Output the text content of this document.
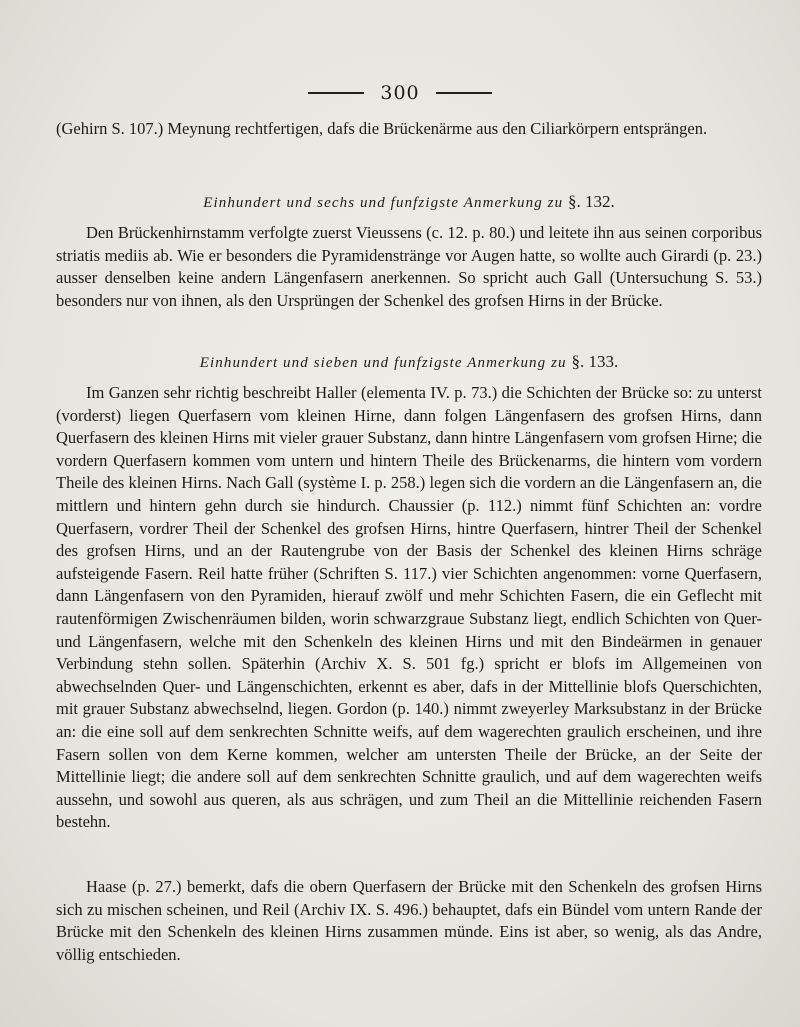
300

(Gehirn S. 107.) Meynung rechtfertigen, dafs die Brückenärme aus den Ciliarkörpern entsprängen.

Einhundert und sechs und funfzigste Anmerkung zu §. 132.

Den Brückenhirnstamm verfolgte zuerst Vieussens (c. 12. p. 80.) und leitete ihn aus seinen corporibus striatis mediis ab. Wie er besonders die Pyramidenstränge vor Augen hatte, so wollte auch Girardi (p. 23.) ausser denselben keine andern Längenfasern anerkennen. So spricht auch Gall (Untersuchung S. 53.) besonders nur von ihnen, als den Ursprüngen der Schenkel des grofsen Hirns in der Brücke.

Einhundert und sieben und funfzigste Anmerkung zu §. 133.

Im Ganzen sehr richtig beschreibt Haller (elementa IV. p. 73.) die Schichten der Brücke so: zu unterst (vorderst) liegen Querfasern vom kleinen Hirne, dann folgen Längenfasern des grofsen Hirns, dann Querfasern des kleinen Hirns mit vieler grauer Substanz, dann hintre Längenfasern vom grofsen Hirne; die vordern Querfasern kommen vom untern und hintern Theile des Brückenarms, die hintern vom vordern Theile des kleinen Hirns. Nach Gall (système I. p. 258.) legen sich die vordern an die Längenfasern an, die mittlern und hintern gehn durch sie hindurch. Chaussier (p. 112.) nimmt fünf Schichten an: vordre Querfasern, vordrer Theil der Schenkel des grofsen Hirns, hintre Querfasern, hintrer Theil der Schenkel des grofsen Hirns, und an der Rautengrube von der Basis der Schenkel des kleinen Hirns schräge aufsteigende Fasern. Reil hatte früher (Schriften S. 117.) vier Schichten angenommen: vorne Querfasern, dann Längenfasern von den Pyramiden, hierauf zwölf und mehr Schichten Fasern, die ein Geflecht mit rautenförmigen Zwischenräumen bilden, worin schwarzgraue Substanz liegt, endlich Schichten von Quer- und Längenfasern, welche mit den Schenkeln des kleinen Hirns und mit den Bindeärmen in genauer Verbindung stehn sollen. Späterhin (Archiv X. S. 501 fg.) spricht er blofs im Allgemeinen von abwechselnden Quer- und Längenschichten, erkennt es aber, dafs in der Mittellinie blofs Querschichten, mit grauer Substanz abwechselnd, liegen. Gordon (p. 140.) nimmt zweyerley Marksubstanz in der Brücke an: die eine soll auf dem senkrechten Schnitte weifs, auf dem wagerechten graulich erscheinen, und ihre Fasern sollen von dem Kerne kommen, welcher am untersten Theile der Brücke, an der Seite der Mittellinie liegt; die andere soll auf dem senkrechten Schnitte graulich, und auf dem wagerechten weifs aussehn, und sowohl aus queren, als aus schrägen, und zum Theil an die Mittellinie reichenden Fasern bestehn.

Haase (p. 27.) bemerkt, dafs die obern Querfasern der Brücke mit den Schenkeln des grofsen Hirns sich zu mischen scheinen, und Reil (Archiv IX. S. 496.) behauptet, dafs ein Bündel vom untern Rande der Brücke mit den Schenkeln des kleinen Hirns zusammen münde. Eins ist aber, so wenig, als das Andre, völlig entschieden.
